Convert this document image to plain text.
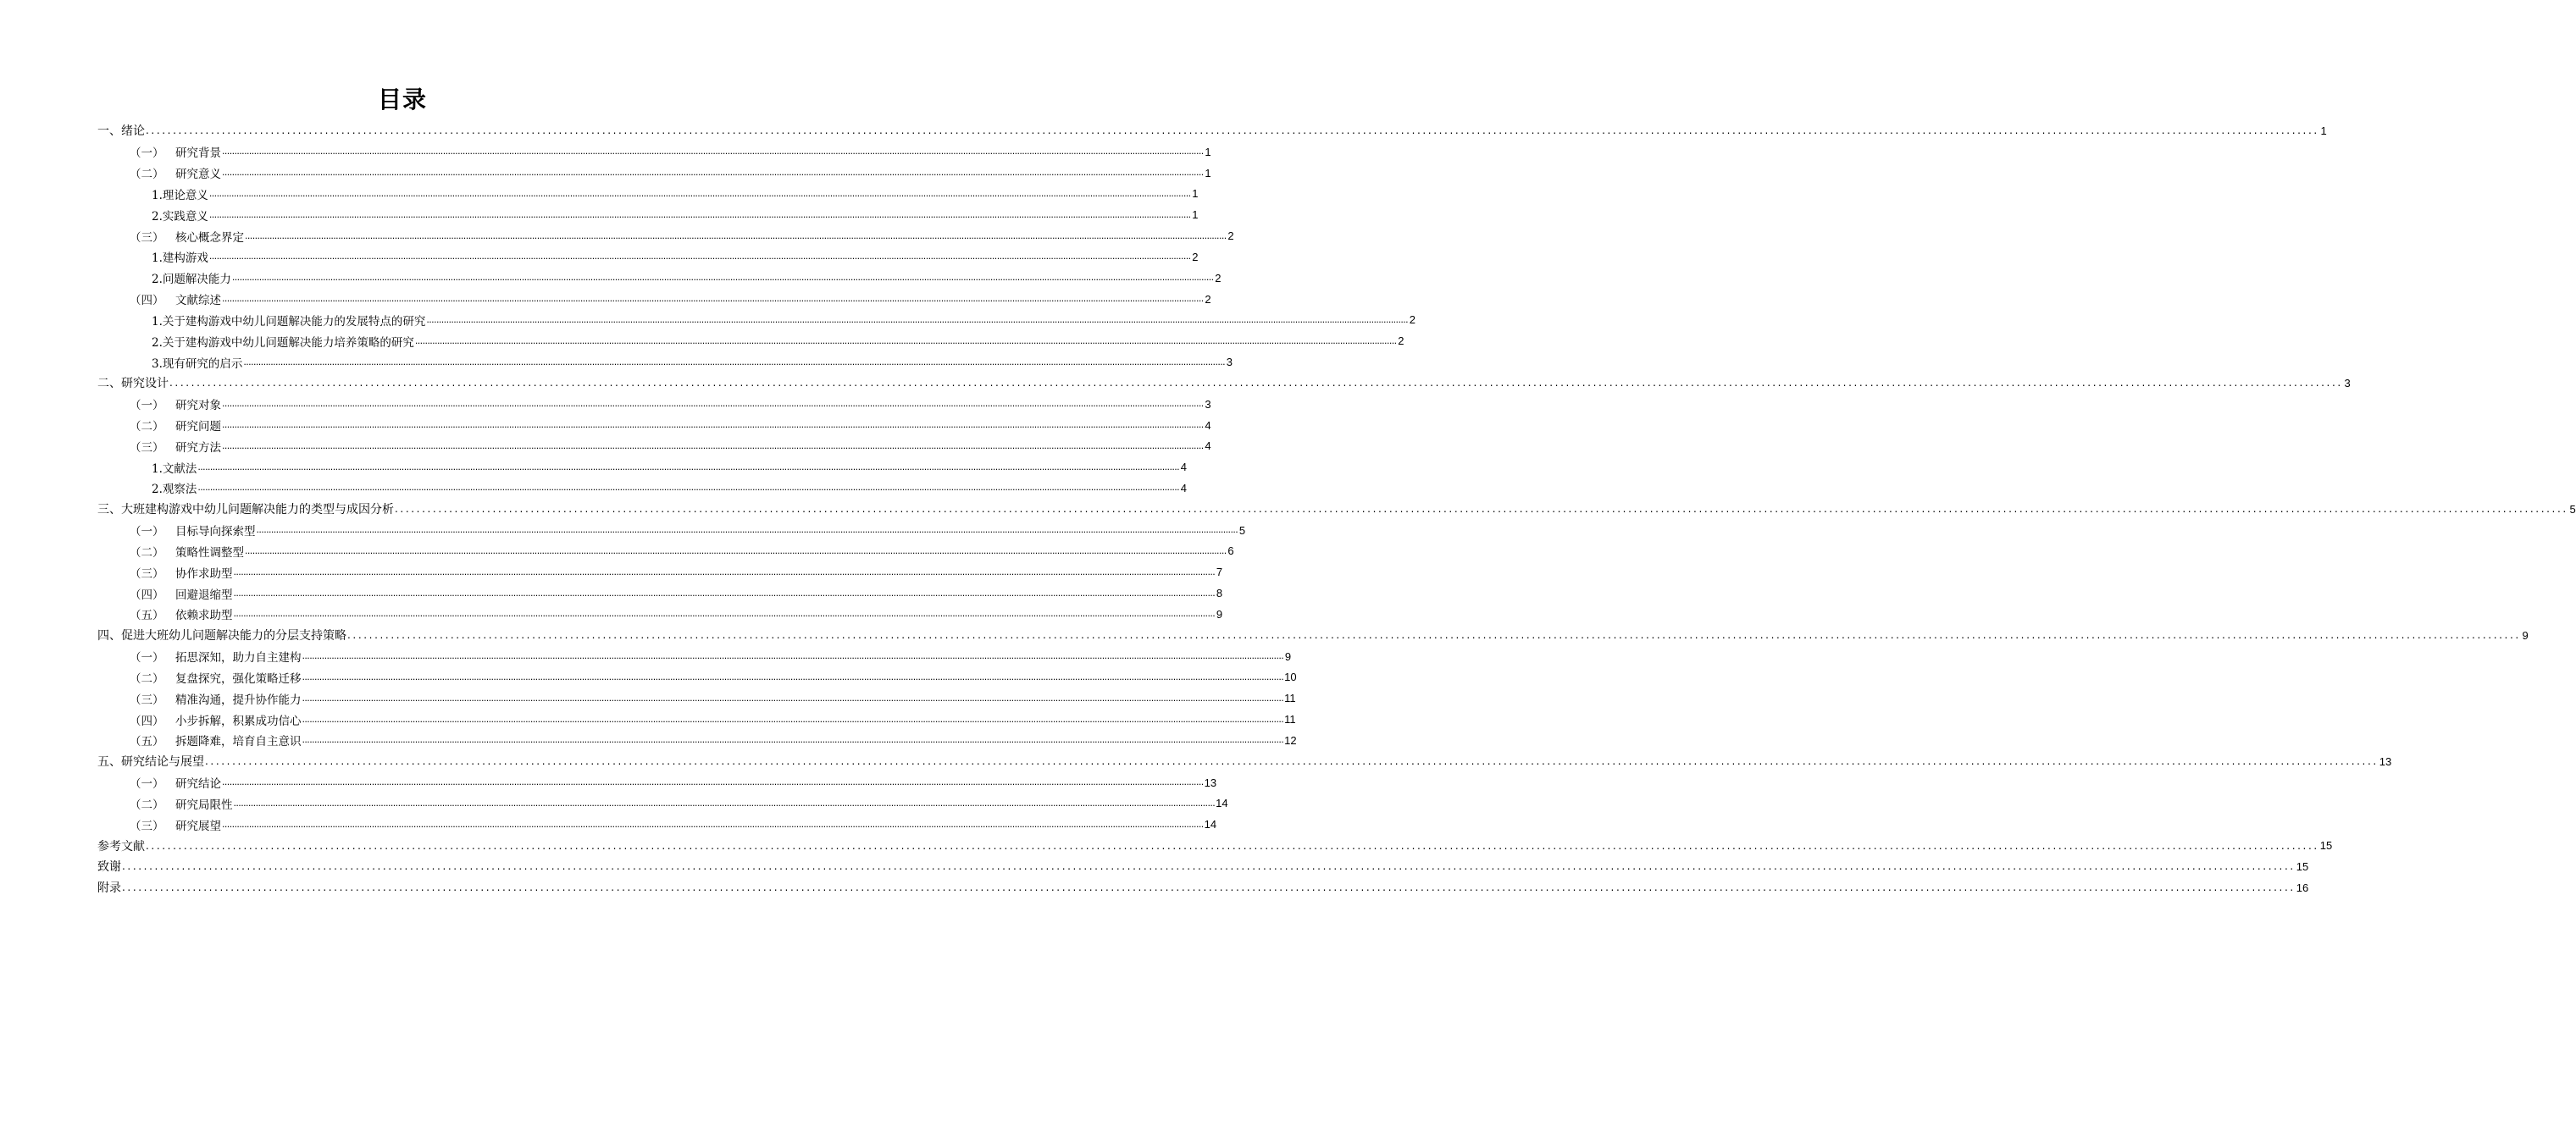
目录
一、绪论 ................................................................................................................................................................................................................................................................................................................................................................................................................ 1
（一）	研究背景 ................................................................................................................................................................................................................................................................................................................................................................................................................ 1
（二）	研究意义 ................................................................................................................................................................................................................................................................................................................................................................................................................ 1
1.理论意义 ................................................................................................................................................................................................................................................................................................................................................................................................................ 1
2.实践意义 ................................................................................................................................................................................................................................................................................................................................................................................................................ 1
（三）	核心概念界定 ................................................................................................................................................................................................................................................................................................................................................................................................................ 2
1.建构游戏 ................................................................................................................................................................................................................................................................................................................................................................................................................ 2
2.问题解决能力 ................................................................................................................................................................................................................................................................................................................................................................................................................ 2
（四）	文献综述 ................................................................................................................................................................................................................................................................................................................................................................................................................ 2
1.关于建构游戏中幼儿问题解决能力的发展特点的研究 ................................................................................................................................................................................................................................................................................................................................................................................................................ 2
2.关于建构游戏中幼儿问题解决能力培养策略的研究 ................................................................................................................................................................................................................................................................................................................................................................................................................ 2
3.现有研究的启示 ................................................................................................................................................................................................................................................................................................................................................................................................................ 3
二、研究设计 ................................................................................................................................................................................................................................................................................................................................................................................................................ 3
（一）	研究对象 ................................................................................................................................................................................................................................................................................................................................................................................................................ 3
（二）	研究问题 ................................................................................................................................................................................................................................................................................................................................................................................................................ 4
（三）	研究方法 ................................................................................................................................................................................................................................................................................................................................................................................................................ 4
1.文献法 ................................................................................................................................................................................................................................................................................................................................................................................................................ 4
2.观察法 ................................................................................................................................................................................................................................................................................................................................................................................................................ 4
三、大班建构游戏中幼儿问题解决能力的类型与成因分析 ................................................................................................................................................................................................................................................................................................................................................................................................................ 5
（一）	目标导向探索型 ................................................................................................................................................................................................................................................................................................................................................................................................................ 5
（二）	策略性调整型 ................................................................................................................................................................................................................................................................................................................................................................................................................ 6
（三）	协作求助型 ................................................................................................................................................................................................................................................................................................................................................................................................................ 7
（四）	回避退缩型 ................................................................................................................................................................................................................................................................................................................................................................................................................ 8
（五）	依赖求助型 ................................................................................................................................................................................................................................................................................................................................................................................................................ 9
四、促进大班幼儿问题解决能力的分层支持策略 ................................................................................................................................................................................................................................................................................................................................................................................................................ 9
（一）	拓思深知，助力自主建构 ................................................................................................................................................................................................................................................................................................................................................................................................................ 9
（二）	复盘探究，强化策略迁移 ................................................................................................................................................................................................................................................................................................................................................................................................................ 10
（三）	精准沟通，提升协作能力 ................................................................................................................................................................................................................................................................................................................................................................................................................ 11
（四）	小步拆解，积累成功信心 ................................................................................................................................................................................................................................................................................................................................................................................................................ 11
（五）	拆题降难，培育自主意识 ................................................................................................................................................................................................................................................................................................................................................................................................................ 12
五、研究结论与展望 ................................................................................................................................................................................................................................................................................................................................................................................................................ 13
（一）	研究结论 ................................................................................................................................................................................................................................................................................................................................................................................................................ 13
（二）	研究局限性 ................................................................................................................................................................................................................................................................................................................................................................................................................ 14
（三）	研究展望 ................................................................................................................................................................................................................................................................................................................................................................................................................ 14
参考文献 ................................................................................................................................................................................................................................................................................................................................................................................................................ 15
致谢 ................................................................................................................................................................................................................................................................................................................................................................................................................ 15
附录 ................................................................................................................................................................................................................................................................................................................................................................................................................ 16
